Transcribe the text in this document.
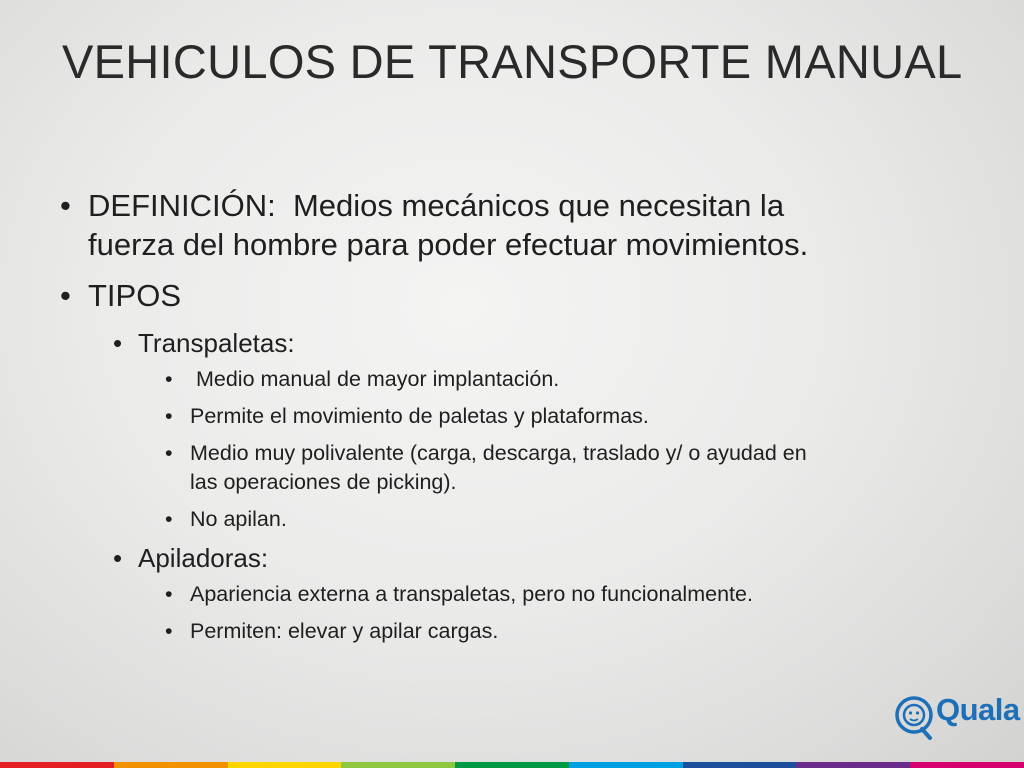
VEHICULOS DE TRANSPORTE MANUAL
• DEFINICIÓN:  Medios mecánicos que necesitan la
fuerza del hombre para poder efectuar movimientos.
• TIPOS
• Transpaletas:
• Medio manual de mayor implantación.
• Permite el movimiento de paletas y plataformas.
• Medio muy polivalente (carga, descarga, traslado y/ o ayudad en
las operaciones de picking).
• No apilan.
• Apiladoras:
• Apariencia externa a transpaletas, pero no funcionalmente.
• Permiten: elevar y apilar cargas.
Quala
